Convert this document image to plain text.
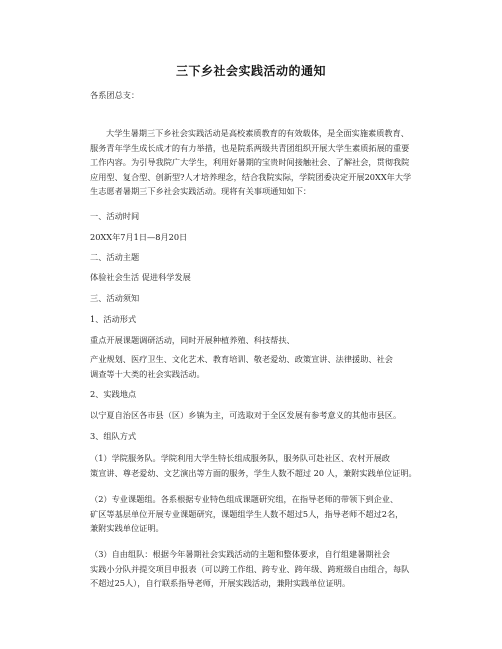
三下乡社会实践活动的通知
各系团总支：
大学生暑期三下乡社会实践活动是高校素质教育的有效载体，是全面实施素质教育、
服务青年学生成长成才的有力举措，也是院系两级共青团组织开展大学生素质拓展的重要
工作内容。为引导我院广大学生，利用好暑期的宝贵时间接触社会、了解社会，贯彻我院
应用型、复合型、创新型?人才培养理念，结合我院实际，学院团委决定开展20XX年大学
生志愿者暑期三下乡社会实践活动。现将有关事项通知如下：
一、活动时间
20XX年7月1日—8月20日
二、活动主题
体验社会生活 促进科学发展
三、活动须知
1、活动形式
重点开展课题调研活动，同时开展种植养殖、科技帮扶、
产业规划、医疗卫生、文化艺术、教育培训、敬老爱幼、政策宣讲、法律援助、社会
调查等十大类的社会实践活动。
2、实践地点
以宁夏自治区各市县（区）乡镇为主，可选取对于全区发展有参考意义的其他市县区。
3、组队方式
（1）学院服务队。学院利用大学生特长组成服务队，服务队可赴社区、农村开展政
策宣讲、尊老爱幼、文艺演出等方面的服务，学生人数不超过 20 人，兼附实践单位证明。
（2）专业课题组。各系根据专业特色组成课题研究组，在指导老师的带领下到企业、
矿区等基层单位开展专业课题研究，课题组学生人数不超过5人，指导老师不超过2名，
兼附实践单位证明。
（3）自由组队：根据今年暑期社会实践活动的主题和整体要求，自行组建暑期社会
实践小分队并提交项目申报表（可以跨工作组、跨专业、跨年级、跨班级自由组合，每队
不超过25人），自行联系指导老师，开展实践活动，兼附实践单位证明。
